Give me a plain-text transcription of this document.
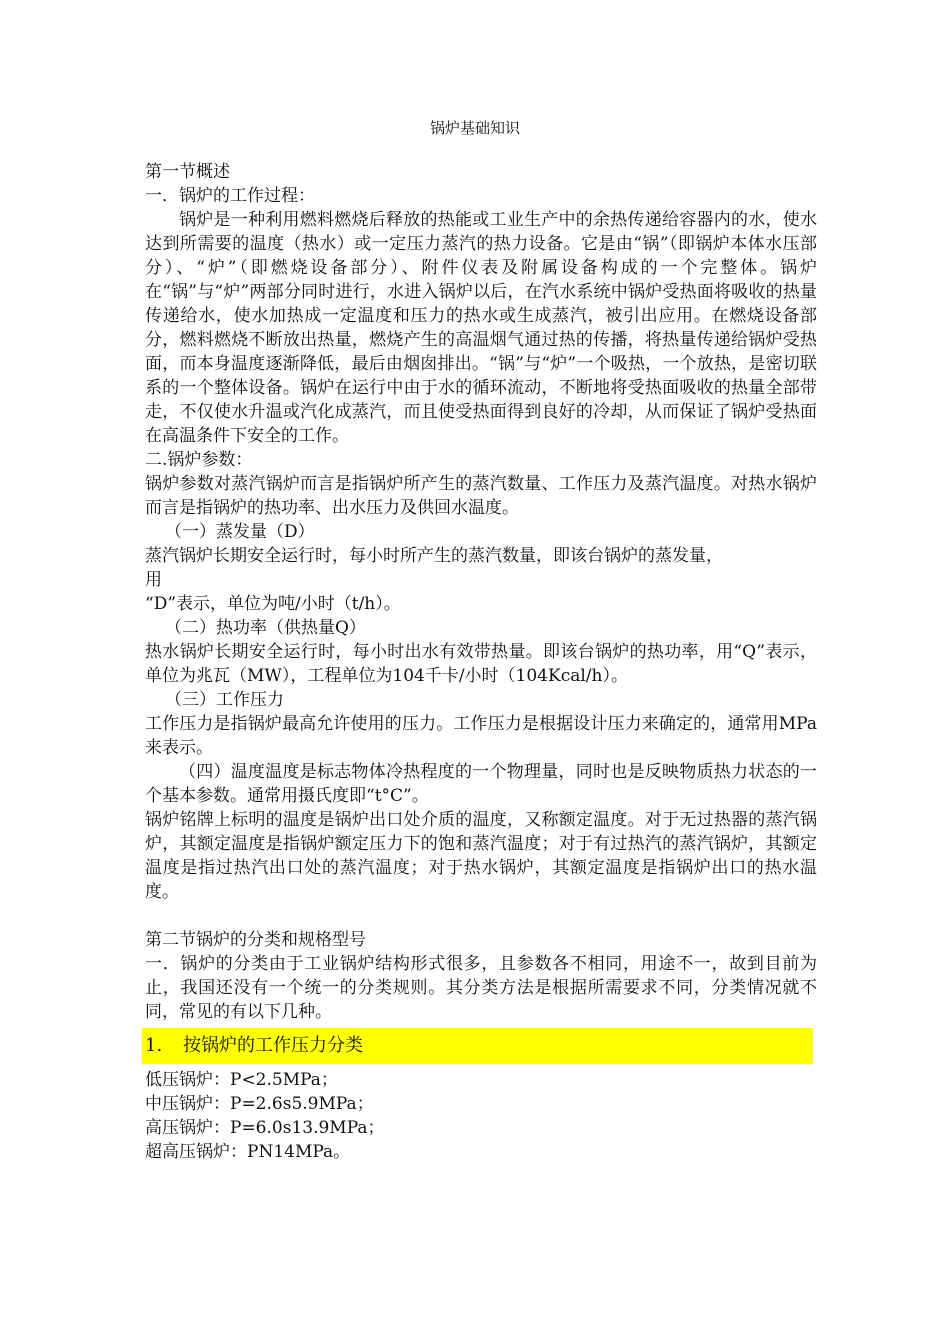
锅炉基础知识
第一节概述
一．锅炉的工作过程：
锅炉是一种利用燃料燃烧后释放的热能或工业生产中的余热传递给容器内的水，使水达到所需要的温度（热水）或一定压力蒸汽的热力设备。它是由“锅”（即锅炉本体水压部分）、“炉”（即燃烧设备部分）、附件仪表及附属设备构成的一个完整体。锅炉在“锅”与“炉”两部分同时进行，水进入锅炉以后，在汽水系统中锅炉受热面将吸收的热量传递给水，使水加热成一定温度和压力的热水或生成蒸汽，被引出应用。在燃烧设备部分，燃料燃烧不断放出热量，燃烧产生的高温烟气通过热的传播，将热量传递给锅炉受热面，而本身温度逐渐降低，最后由烟囱排出。“锅”与“炉”一个吸热，一个放热，是密切联系的一个整体设备。锅炉在运行中由于水的循环流动，不断地将受热面吸收的热量全部带走，不仅使水升温或汽化成蒸汽，而且使受热面得到良好的冷却，从而保证了锅炉受热面在高温条件下安全的工作。
二.锅炉参数：
锅炉参数对蒸汽锅炉而言是指锅炉所产生的蒸汽数量、工作压力及蒸汽温度。对热水锅炉而言是指锅炉的热功率、出水压力及供回水温度。
（一）蒸发量（D）
蒸汽锅炉长期安全运行时，每小时所产生的蒸汽数量，即该台锅炉的蒸发量，
用
“D”表示，单位为吨/小时（t/h）。
（二）热功率（供热量Q）
热水锅炉长期安全运行时，每小时出水有效带热量。即该台锅炉的热功率，用“Q”表示，单位为兆瓦（MW），工程单位为104千卡/小时（104Kcal/h）。
（三）工作压力
工作压力是指锅炉最高允许使用的压力。工作压力是根据设计压力来确定的，通常用MPa来表示。
（四）温度温度是标志物体冷热程度的一个物理量，同时也是反映物质热力状态的一个基本参数。通常用摄氏度即“t°C”。
锅炉铭牌上标明的温度是锅炉出口处介质的温度，又称额定温度。对于无过热器的蒸汽锅炉，其额定温度是指锅炉额定压力下的饱和蒸汽温度；对于有过热汽的蒸汽锅炉，其额定温度是指过热汽出口处的蒸汽温度；对于热水锅炉，其额定温度是指锅炉出口的热水温度。
第二节锅炉的分类和规格型号
一．锅炉的分类由于工业锅炉结构形式很多，且参数各不相同，用途不一，故到目前为止，我国还没有一个统一的分类规则。其分类方法是根据所需要求不同，分类情况就不同，常见的有以下几种。
1. 按锅炉的工作压力分类
低压锅炉：P<2.5MPa；
中压锅炉：P=2.6s5.9MPa；
高压锅炉：P=6.0s13.9MPa；
超高压锅炉：PN14MPa。
